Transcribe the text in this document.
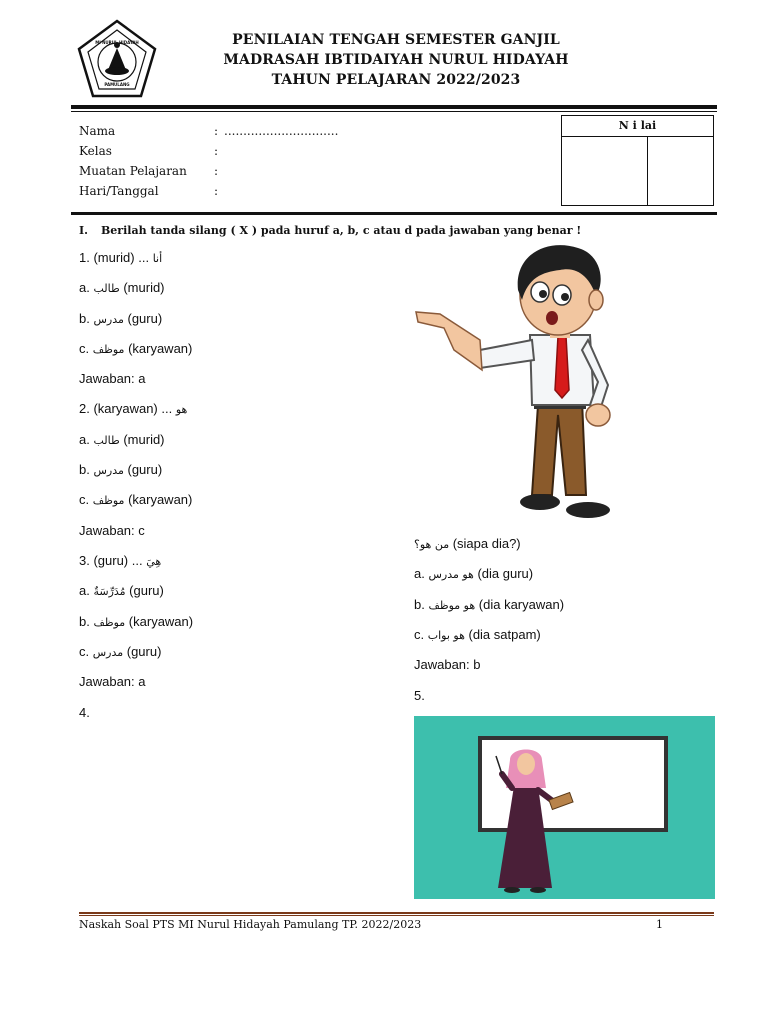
MI NURUL HIDAYAH
PAMULANG
PENILAIAN TENGAH SEMESTER GANJIL
MADRASAH IBTIDAIYAH NURUL HIDAYAH
TAHUN PELAJARAN 2022/2023
Nama	: ..............................
Kelas	:
Muatan Pelajaran :
Hari/Tanggal	:
N i lai
I. Berilah tanda silang ( X ) pada huruf a, b, c atau d pada jawaban yang benar !
1. (murid) ... أنا
a. طالب (murid)
b. مدرس (guru)
c. موظف (karyawan)
Jawaban: a
2. (karyawan) ... هو
a. طالب (murid)
b. مدرس (guru)
c. موظف (karyawan)
Jawaban: c
3. (guru) ... هِيَ
a. مُدَرِّسَةٌ (guru)
b. موظف (karyawan)
c. مدرس (guru)
Jawaban: a
4.
من هو؟ (siapa dia?)
a. هو مدرس (dia guru)
b. هو موظف (dia karyawan)
c. هو بواب (dia satpam)
Jawaban: b
5.
Naskah Soal PTS MI Nurul Hidayah Pamulang TP. 2022/2023	1
